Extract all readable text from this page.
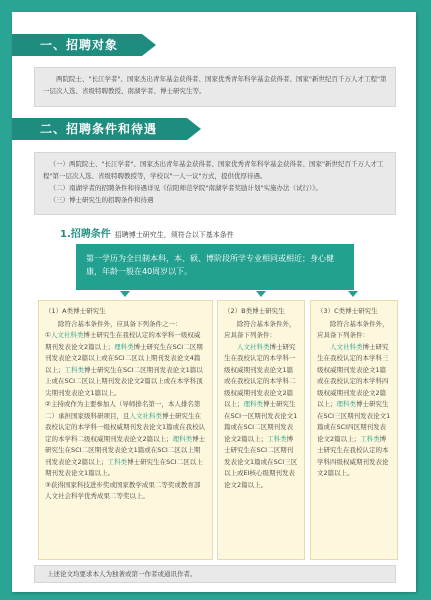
一、招聘对象
两院院士、"长江学者"、国家杰出青年基金获得者、国家优秀青年科学基金获得者、国家"新世纪百千万人才工程"第一层次人选、省级特聘教授、南湖学者、博士研究生等。
二、招聘条件和待遇

（一）两院院士、"长江学者"、国家杰出青年基金获得者、国家优秀青年科学基金获得者、国家"新世纪百千万人才工程"第一层次人选、省级特聘教授等，学校以"一人一议"方式，提供优厚待遇。

（二）南湖学者的招聘条件和待遇详见《信阳师范学院"南湖学者奖励计划"实施办法（试行）》。

（三）博士研究生的招聘条件和待遇

1.招聘条件 招聘博士研究生，须符合以下基本条件
第一学历为全日制本科，本、硕、博阶段所学专业相同或相近；身心健康，年龄一般在40周岁以下。

（1）A类博士研究生

除符合基本条件外，应具备下列条件之一：

①人文社科类博士研究生在我校认定的本学科一级权威期刊发表论文2篇以上；理科类博士研究生在SCI二区期刊发表论文2篇以上或在SCI二区以上期刊发表论文4篇以上；工科类博士研究生在SCI二区期刊发表论文1篇以上或在SCI二区以上期刊发表论文2篇以上或在本学科顶尖期刊发表论文1篇以上。

②主持或作为主要参加人（导师排名第一，本人排名第二）承担国家级科研项目，且人文社科类博士研究生在我校认定的本学科一级权威期刊发表论文1篇或在我校认定的本学科二级权威期刊发表论文2篇以上；理科类博士研究生在SCI二区期刊发表论文1篇或在SCI二区以上期刊发表论文2篇以上；工科类博士研究生在SCI二区以上期刊发表论文1篇以上。

③获得国家科技进步奖或国家教学成果二等奖或教育部人文社会科学优秀成果二等奖以上。

（2）B类博士研究生

除符合基本条件外，应具备下列条件：

人文社科类博士研究生在我校认定的本学科一级权威期刊发表论文1篇或在我校认定的本学科二级权威期刊发表论文2篇以上；理科类博士研究生在SCI一区期刊发表论文1篇或在SCI二区期刊发表论文2篇以上；工科类博士研究生在SCI二区期刊发表论文1篇或在SCI三区以上或EI核心级期刊发表论文2篇以上。

（3）C类博士研究生

除符合基本条件外，应具备下列条件：

人文社科类博士研究生在我校认定的本学科三级权威期刊发表论文1篇或在我校认定的本学科四级权威期刊发表论文2篇以上；理科类博士研究生在SCI三区期刊发表论文1篇或在SCI四区期刊发表论文2篇以上；工科类博士研究生在我校认定的本学科四级权威期刊发表论文2篇以上。

上述论文均要求本人为独著或第一作者或通讯作者。
